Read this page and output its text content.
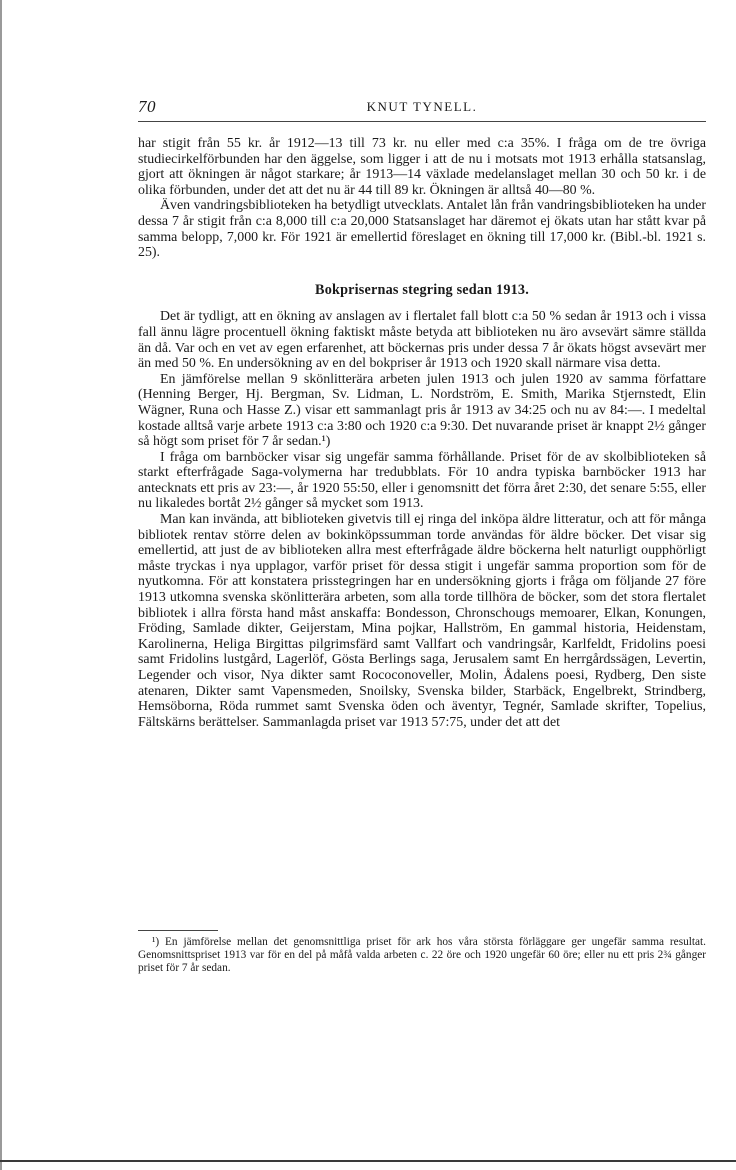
70	KNUT TYNELL.

har stigit från 55 kr. år 1912—13 till 73 kr. nu eller med c:a 35%. I fråga om de tre övriga studiecirkelförbunden har den äggelse, som ligger i att de nu i motsats mot 1913 erhålla statsanslag, gjort att ökningen är något starkare; år 1913—14 växlade medelanslaget mellan 30 och 50 kr. i de olika förbunden, under det att det nu är 44 till 89 kr. Ökningen är alltså 40—80 %.

Även vandringsbiblioteken ha betydligt utvecklats. Antalet lån från vandringsbiblioteken ha under dessa 7 år stigit från c:a 8,000 till c:a 20,000 Statsanslaget har däremot ej ökats utan har stått kvar på samma belopp, 7,000 kr. För 1921 är emellertid föreslaget en ökning till 17,000 kr. (Bibl.-bl. 1921 s. 25).

Bokprisernas stegring sedan 1913.

Det är tydligt, att en ökning av anslagen av i flertalet fall blott c:a 50 % sedan år 1913 och i vissa fall ännu lägre procentuell ökning faktiskt måste betyda att biblioteken nu äro avsevärt sämre ställda än då. Var och en vet av egen erfarenhet, att böckernas pris under dessa 7 år ökats högst avsevärt mer än med 50 %. En undersökning av en del bokpriser år 1913 och 1920 skall närmare visa detta.

En jämförelse mellan 9 skönlitterära arbeten julen 1913 och julen 1920 av samma författare (Henning Berger, Hj. Bergman, Sv. Lidman, L. Nordström, E. Smith, Marika Stjernstedt, Elin Wägner, Runa och Hasse Z.) visar ett sammanlagt pris år 1913 av 34:25 och nu av 84:—. I medeltal kostade alltså varje arbete 1913 c:a 3:80 och 1920 c:a 9:30. Det nuvarande priset är knappt 2½ gånger så högt som priset för 7 år sedan.¹)

I fråga om barnböcker visar sig ungefär samma förhållande. Priset för de av skolbiblioteken så starkt efterfrågade Saga-volymerna har tredubblats. För 10 andra typiska barnböcker 1913 har antecknats ett pris av 23:—, år 1920 55:50, eller i genomsnitt det förra året 2:30, det senare 5:55, eller nu likaledes bortåt 2½ gånger så mycket som 1913.

Man kan invända, att biblioteken givetvis till ej ringa del inköpa äldre litteratur, och att för många bibliotek rentav större delen av bokinköpssumman torde användas för äldre böcker. Det visar sig emellertid, att just de av biblioteken allra mest efterfrågade äldre böckerna helt naturligt oupphörligt måste tryckas i nya upplagor, varför priset för dessa stigit i ungefär samma proportion som för de nyutkomna. För att konstatera prisstegringen har en undersökning gjorts i fråga om följande 27 före 1913 utkomna svenska skönlitterära arbeten, som alla torde tillhöra de böcker, som det stora flertalet bibliotek i allra första hand måst anskaffa: Bondesson, Chronschougs memoarer, Elkan, Konungen, Fröding, Samlade dikter, Geijerstam, Mina pojkar, Hallström, En gammal historia, Heidenstam, Karolinerna, Heliga Birgittas pilgrimsfärd samt Vallfart och vandringsår, Karlfeldt, Fridolins poesi samt Fridolins lustgård, Lagerlöf, Gösta Berlings saga, Jerusalem samt En herrgårdssägen, Levertin, Legender och visor, Nya dikter samt Rococonoveller, Molin, Ådalens poesi, Rydberg, Den siste atenaren, Dikter samt Vapensmeden, Snoilsky, Svenska bilder, Starbäck, Engelbrekt, Strindberg, Hemsöborna, Röda rummet samt Svenska öden och äventyr, Tegnér, Samlade skrifter, Topelius, Fältskärns berättelser. Sammanlagda priset var 1913 57:75, under det att det

¹) En jämförelse mellan det genomsnittliga priset för ark hos våra största förläggare ger ungefär samma resultat. Genomsnittspriset 1913 var för en del på måfå valda arbeten c. 22 öre och 1920 ungefär 60 öre; eller nu ett pris 2¾ gånger priset för 7 år sedan.
